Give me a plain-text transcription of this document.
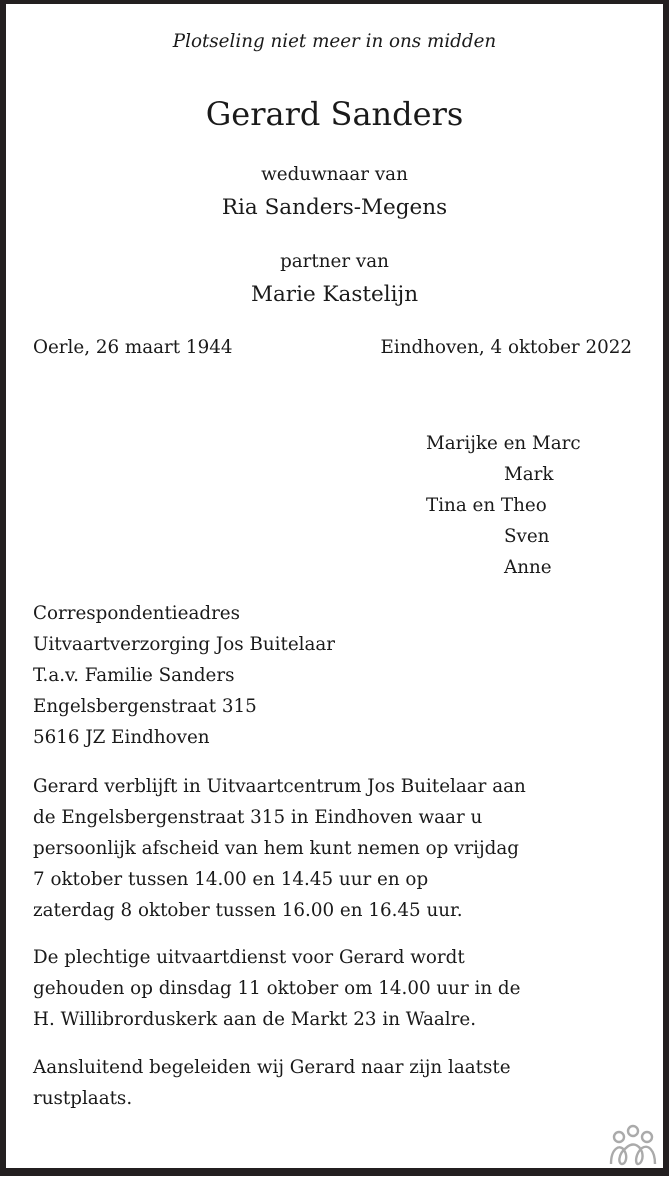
Plotseling niet meer in ons midden
Gerard Sanders
weduwnaar van
Ria Sanders-Megens
partner van
Marie Kastelijn
Oerle, 26 maart 1944	Eindhoven, 4 oktober 2022
Marijke en Marc
Mark
Tina en Theo
Sven
Anne
Correspondentieadres
Uitvaartverzorging Jos Buitelaar
T.a.v. Familie Sanders
Engelsbergenstraat 315
5616 JZ Eindhoven
Gerard verblijft in Uitvaartcentrum Jos Buitelaar aan
de Engelsbergenstraat 315 in Eindhoven waar u
persoonlijk afscheid van hem kunt nemen op vrijdag
7 oktober tussen 14.00 en 14.45 uur en op
zaterdag 8 oktober tussen 16.00 en 16.45 uur.
De plechtige uitvaartdienst voor Gerard wordt
gehouden op dinsdag 11 oktober om 14.00 uur in de
H. Willibrorduskerk aan de Markt 23 in Waalre.
Aansluitend begeleiden wij Gerard naar zijn laatste
rustplaats.
